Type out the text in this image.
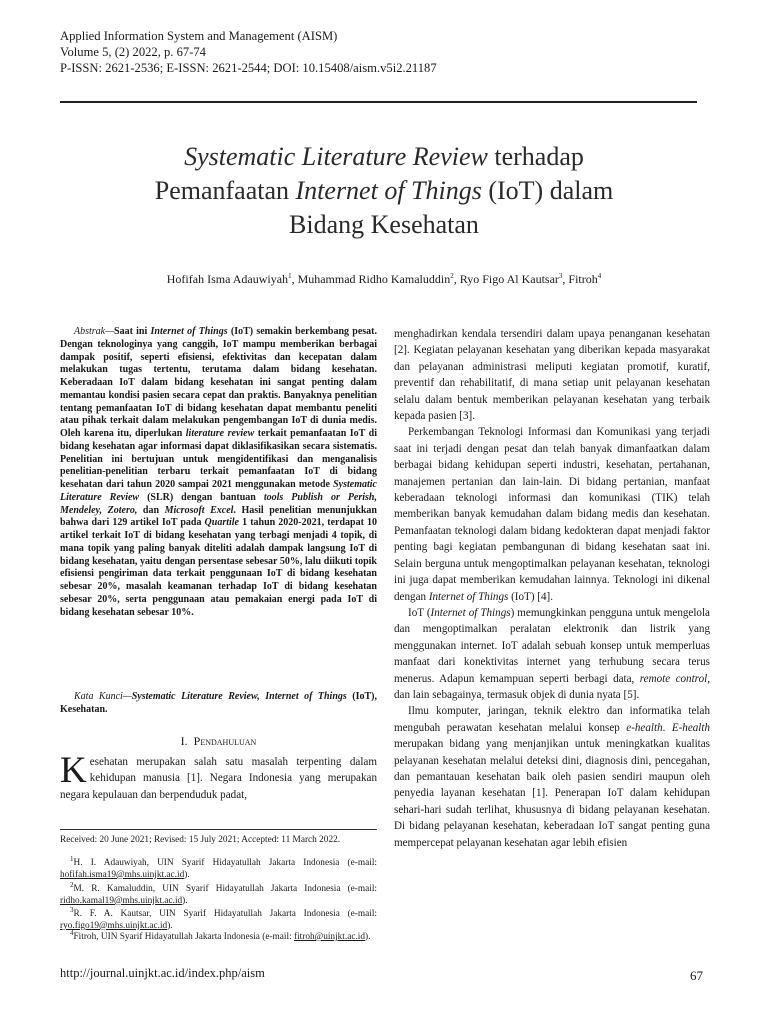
Applied Information System and Management (AISM)
Volume 5, (2) 2022, p. 67-74
P-ISSN: 2621-2536; E-ISSN: 2621-2544; DOI: 10.15408/aism.v5i2.21187
Systematic Literature Review terhadap
Pemanfaatan Internet of Things (IoT) dalam
Bidang Kesehatan
Hofifah Isma Adauwiyah$^1$, Muhammad Ridho Kamaluddin$^2$, Ryo Figo Al Kautsar$^3$, Fitroh$^4$
Abstrak—Saat ini Internet of Things (IoT) semakin berkembang pesat. Dengan teknologinya yang canggih, IoT mampu memberikan berbagai dampak positif, seperti efisiensi, efektivitas dan kecepatan dalam melakukan tugas tertentu, terutama dalam bidang kesehatan. Keberadaan IoT dalam bidang kesehatan ini sangat penting dalam memantau kondisi pasien secara cepat dan praktis. Banyaknya penelitian tentang pemanfaatan IoT di bidang kesehatan dapat membantu peneliti atau pihak terkait dalam melakukan pengembangan IoT di dunia medis. Oleh karena itu, diperlukan literature review terkait pemanfaatan IoT di bidang kesehatan agar informasi dapat diklasifikasikan secara sistematis. Penelitian ini bertujuan untuk mengidentifikasi dan menganalisis penelitian-penelitian terbaru terkait pemanfaatan IoT di bidang kesehatan dari tahun 2020 sampai 2021 menggunakan metode Systematic Literature Review (SLR) dengan bantuan tools Publish or Perish, Mendeley, Zotero, dan Microsoft Excel. Hasil penelitian menunjukkan bahwa dari 129 artikel IoT pada Quartile 1 tahun 2020-2021, terdapat 10 artikel terkait IoT di bidang kesehatan yang terbagi menjadi 4 topik, di mana topik yang paling banyak diteliti adalah dampak langsung IoT di bidang kesehatan, yaitu dengan persentase sebesar 50%, lalu diikuti topik efisiensi pengiriman data terkait penggunaan IoT di bidang kesehatan sebesar 20%, masalah keamanan terhadap IoT di bidang kesehatan sebesar 20%, serta penggunaan atau pemakaian energi pada IoT di bidang kesehatan sebesar 10%.
Kata Kunci—Systematic Literature Review, Internet of Things (IoT), Kesehatan.
I. Pendahuluan
Kesehatan merupakan salah satu masalah terpenting dalam kehidupan manusia [1]. Negara Indonesia yang merupakan negara kepulauan dan berpenduduk padat,
Received: 20 June 2021; Revised: 15 July 2021; Accepted: 11 March 2022.
$^1$H. I. Adauwiyah, UIN Syarif Hidayatullah Jakarta Indonesia (e-mail: hofifah.isma19@mhs.uinjkt.ac.id).
$^2$M. R. Kamaluddin, UIN Syarif Hidayatullah Jakarta Indonesia (e-mail: ridho.kamal19@mhs.uinjkt.ac.id).
$^3$R. F. A. Kautsar, UIN Syarif Hidayatullah Jakarta Indonesia (e-mail: ryo.figo19@mhs.uinjkt.ac.id).
$^4$Fitroh, UIN Syarif Hidayatullah Jakarta Indonesia (e-mail: fitroh@uinjkt.ac.id).

menghadirkan kendala tersendiri dalam upaya penanganan kesehatan [2]. Kegiatan pelayanan kesehatan yang diberikan kepada masyarakat dan pelayanan administrasi meliputi kegiatan promotif, kuratif, preventif dan rehabilitatif, di mana setiap unit pelayanan kesehatan selalu dalam bentuk memberikan pelayanan kesehatan yang terbaik kepada pasien [3].

Perkembangan Teknologi Informasi dan Komunikasi yang terjadi saat ini terjadi dengan pesat dan telah banyak dimanfaatkan dalam berbagai bidang kehidupan seperti industri, kesehatan, pertahanan, manajemen pertanian dan lain-lain. Di bidang pertanian, manfaat keberadaan teknologi informasi dan komunikasi (TIK) telah memberikan banyak kemudahan dalam bidang medis dan kesehatan. Pemanfaatan teknologi dalam bidang kedokteran dapat menjadi faktor penting bagi kegiatan pembangunan di bidang kesehatan saat ini. Selain berguna untuk mengoptimalkan pelayanan kesehatan, teknologi ini juga dapat memberikan kemudahan lainnya. Teknologi ini dikenal dengan Internet of Things (IoT) [4].

IoT (Internet of Things) memungkinkan pengguna untuk mengelola dan mengoptimalkan peralatan elektronik dan listrik yang menggunakan internet. IoT adalah sebuah konsep untuk memperluas manfaat dari konektivitas internet yang terhubung secara terus menerus. Adapun kemampuan seperti berbagi data, remote control, dan lain sebagainya, termasuk objek di dunia nyata [5].

Ilmu komputer, jaringan, teknik elektro dan informatika telah mengubah perawatan kesehatan melalui konsep e-health. E-health merupakan bidang yang menjanjikan untuk meningkatkan kualitas pelayanan kesehatan melalui deteksi dini, diagnosis dini, pencegahan, dan pemantauan kesehatan baik oleh pasien sendiri maupun oleh penyedia layanan kesehatan [1]. Penerapan IoT dalam kehidupan sehari-hari sudah terlihat, khususnya di bidang pelayanan kesehatan. Di bidang pelayanan kesehatan, keberadaan IoT sangat penting guna mempercepat pelayanan kesehatan agar lebih efisien

http://journal.uinjkt.ac.id/index.php/aism	67
